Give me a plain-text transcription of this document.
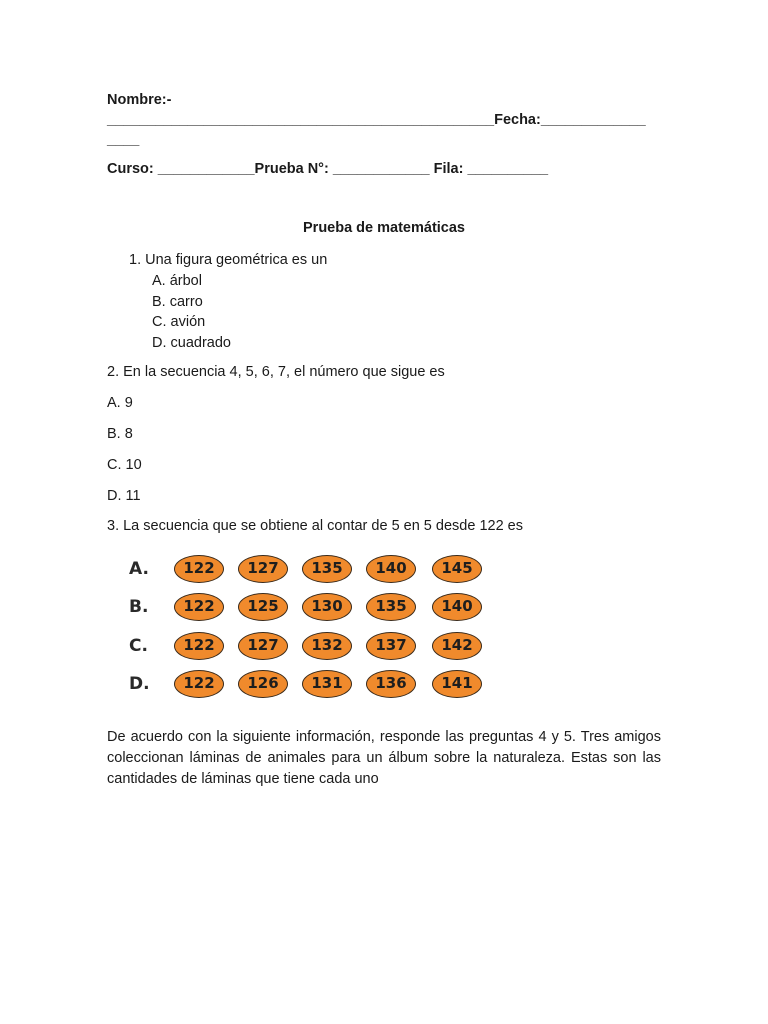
Nombre:-
________________________________________________Fecha:_____________
____
Curso: ____________Prueba N°: ____________ Fila: __________
Prueba de matemáticas
1. Una figura geométrica es un
A. árbol
B. carro
C. avión
D. cuadrado
2. En la secuencia 4, 5, 6, 7, el número que sigue es
A. 9
B. 8
C. 10
D. 11
3. La secuencia que se obtiene al contar de 5 en 5 desde 122 es
A.	122	127	135	140	145
B.	122	125	130	135	140
C.	122	127	132	137	142
D.	122	126	131	136	141
De acuerdo con la siguiente información, responde las preguntas 4 y 5. Tres amigos coleccionan láminas de animales para un álbum sobre la naturaleza. Estas son las cantidades de láminas que tiene cada uno
